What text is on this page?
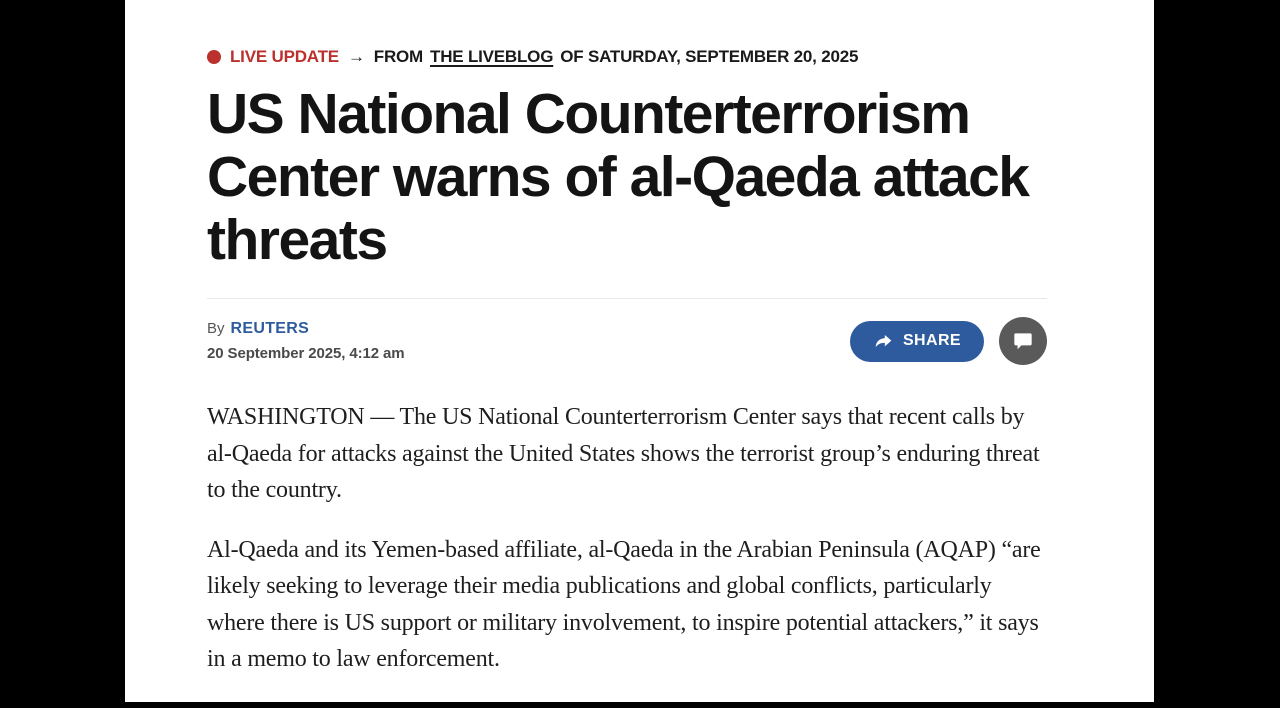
LIVE UPDATE → FROM THE LIVEBLOG OF SATURDAY, SEPTEMBER 20, 2025
US National Counterterrorism Center warns of al-Qaeda attack threats
By REUTERS
20 September 2025, 4:12 am
SHARE

WASHINGTON — The US National Counterterrorism Center says that recent calls by al-Qaeda for attacks against the United States shows the terrorist group’s enduring threat to the country.

Al-Qaeda and its Yemen-based affiliate, al-Qaeda in the Arabian Peninsula (AQAP) “are likely seeking to leverage their media publications and global conflicts, particularly where there is US support or military involvement, to inspire potential attackers,” it says in a memo to law enforcement.
